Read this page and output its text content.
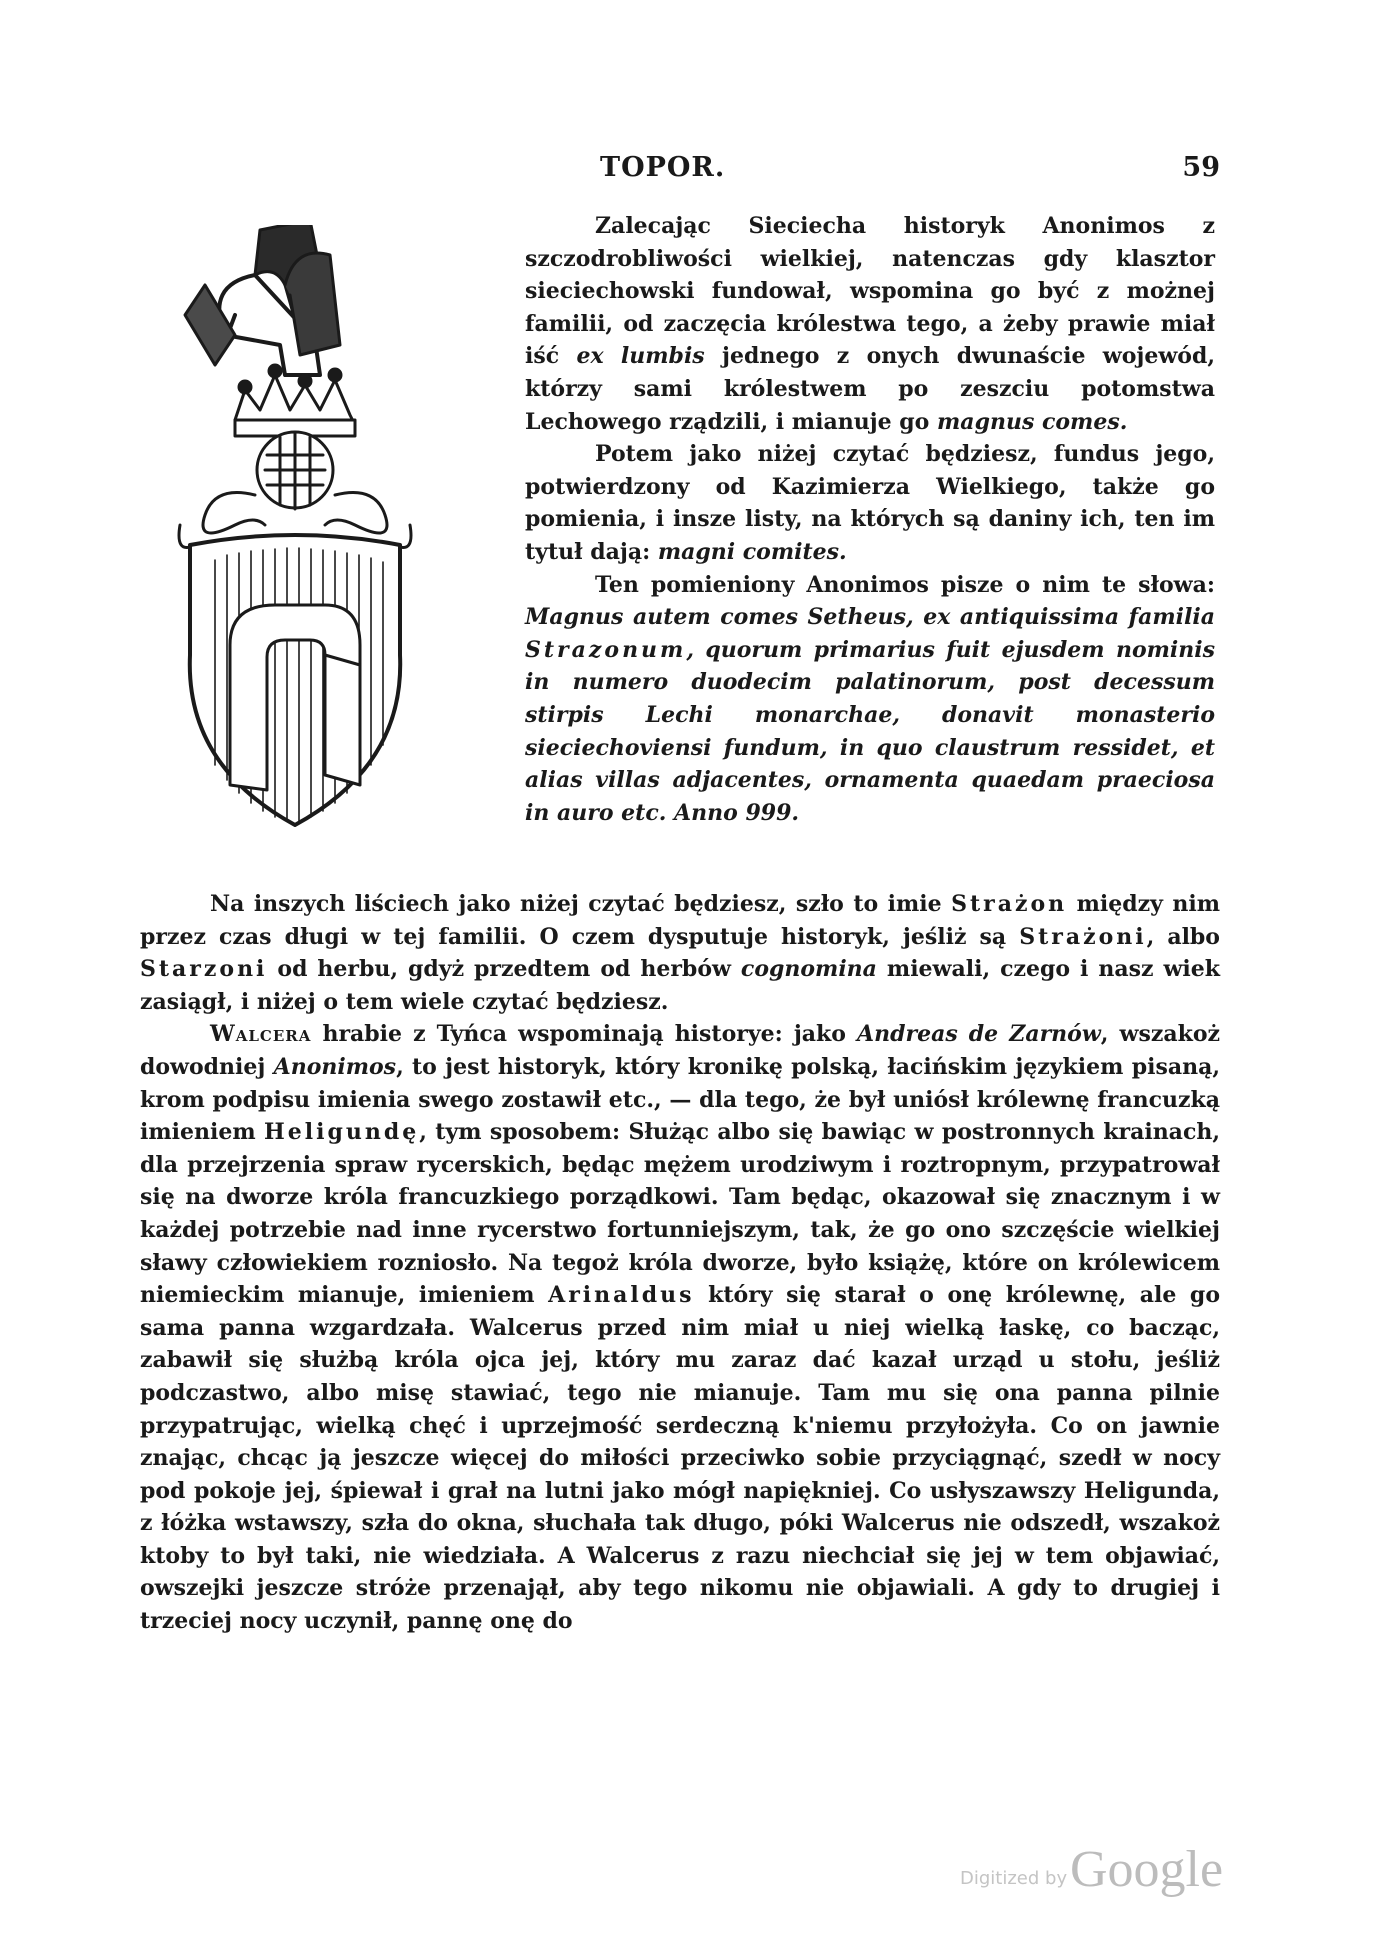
TOPOR.	59

Zalecając Sieciecha historyk Anonimos z szczodrobliwości wielkiej, natenczas gdy klasztor sieciechowski fundował, wspomina go być z możnej familii, od zaczęcia królestwa tego, a żeby prawie miał iść ex lumbis jednego z onych dwunaście wojewód, którzy sami królestwem po zeszciu potomstwa Lechowego rządzili, i mianuje go magnus comes.

Potem jako niżej czytać będziesz, fundus jego, potwierdzony od Kazimierza Wielkiego, także go pomienia, i insze listy, na których są daniny ich, ten im tytuł dają: magni comites.

Ten pomieniony Anonimos pisze o nim te słowa: Magnus autem comes Setheus, ex antiquissima familia Strazonum, quorum primarius fuit ejusdem nominis in numero duodecim palatinorum, post decessum stirpis Lechi monarchae, donavit monasterio sieciechoviensi fundum, in quo claustrum ressidet, et alias villas adjacentes, ornamenta quaedam praeciosa in auro etc. Anno 999.

Na inszych liściech jako niżej czytać będziesz, szło to imie Strażon między nim przez czas długi w tej familii. O czem dysputuje historyk, jeśliż są Strażoni, albo Starzoni od herbu, gdyż przedtem od herbów cognomina miewali, czego i nasz wiek zasiągł, i niżej o tem wiele czytać będziesz.

Walcera hrabie z Tyńca wspominają historye: jako Andreas de Zarnów, wszakoż dowodniej Anonimos, to jest historyk, który kronikę polską, łacińskim językiem pisaną, krom podpisu imienia swego zostawił etc., — dla tego, że był uniósł królewnę francuzką imieniem Heligundę, tym sposobem: Służąc albo się bawiąc w postronnych krainach, dla przejrzenia spraw rycerskich, będąc mężem urodziwym i roztropnym, przypatrował się na dworze króla francuzkiego porządkowi. Tam będąc, okazował się znacznym i w każdej potrzebie nad inne rycerstwo fortunniejszym, tak, że go ono szczęście wielkiej sławy człowiekiem rozniosło. Na tegoż króla dworze, było książę, które on królewicem niemieckim mianuje, imieniem Arinaldus który się starał o onę królewnę, ale go sama panna wzgardzała. Walcerus przed nim miał u niej wielką łaskę, co bacząc, zabawił się służbą króla ojca jej, który mu zaraz dać kazał urząd u stołu, jeśliż podczastwo, albo misę stawiać, tego nie mianuje. Tam mu się ona panna pilnie przypatrując, wielką chęć i uprzejmość serdeczną k'niemu przyłożyła. Co on jawnie znając, chcąc ją jeszcze więcej do miłości przeciwko sobie przyciągnąć, szedł w nocy pod pokoje jej, śpiewał i grał na lutni jako mógł napiękniej. Co usłyszawszy Heligunda, z łóżka wstawszy, szła do okna, słuchała tak długo, póki Walcerus nie odszedł, wszakoż ktoby to był taki, nie wiedziała. A Walcerus z razu niechciał się jej w tem objawiać, owszejki jeszcze stróże przenajął, aby tego nikomu nie objawiali. A gdy to drugiej i trzeciej nocy uczynił, pannę onę do

Digitized by Google
